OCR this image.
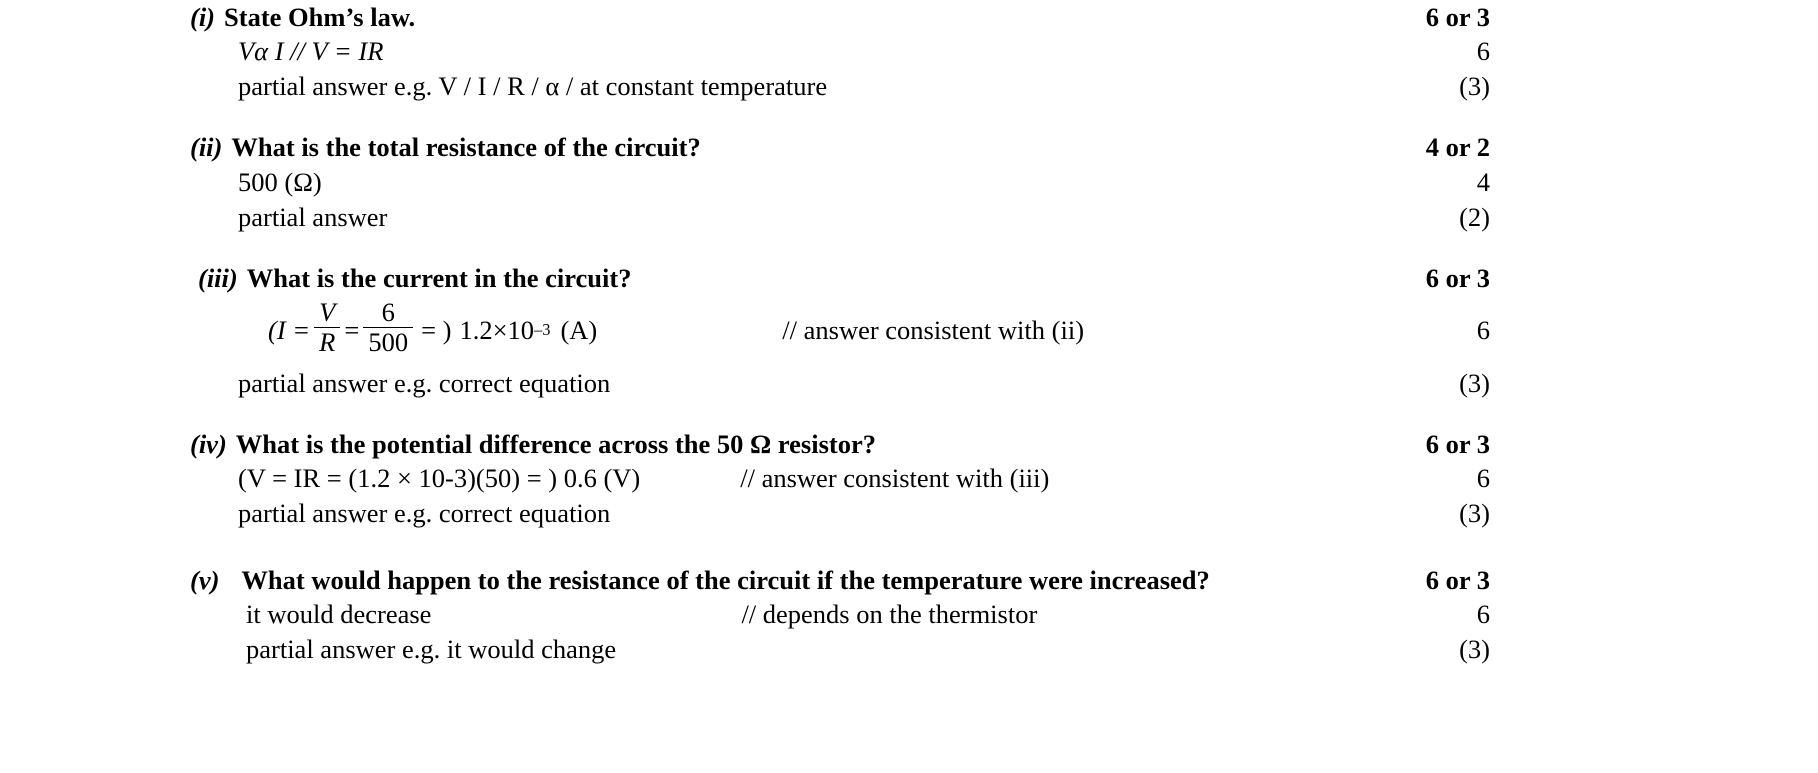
(i) State Ohm’s law.	6 or 3
Vα I // V = IR	6
partial answer e.g. V / I / R / α / at constant temperature	(3)
(ii) What is the total resistance of the circuit?	4 or 2
500 (Ω)	4
partial answer	(2)
(iii) What is the current in the circuit?	6 or 3
($I = \frac{V}{R} = \frac{6}{500}$ = ) 1.2×10 –3 (A)	// answer consistent with (ii)	6
partial answer e.g. correct equation	(3)
(iv) What is the potential difference across the 50 Ω resistor?	6 or 3
(V = IR = (1.2 × 10-3)(50) = ) 0.6 (V)	// answer consistent with (iii)	6
partial answer e.g. correct equation	(3)
(v) What would happen to the resistance of the circuit if the temperature were increased?	6 or 3
it would decrease	// depends on the thermistor	6
partial answer e.g. it would change	(3)
